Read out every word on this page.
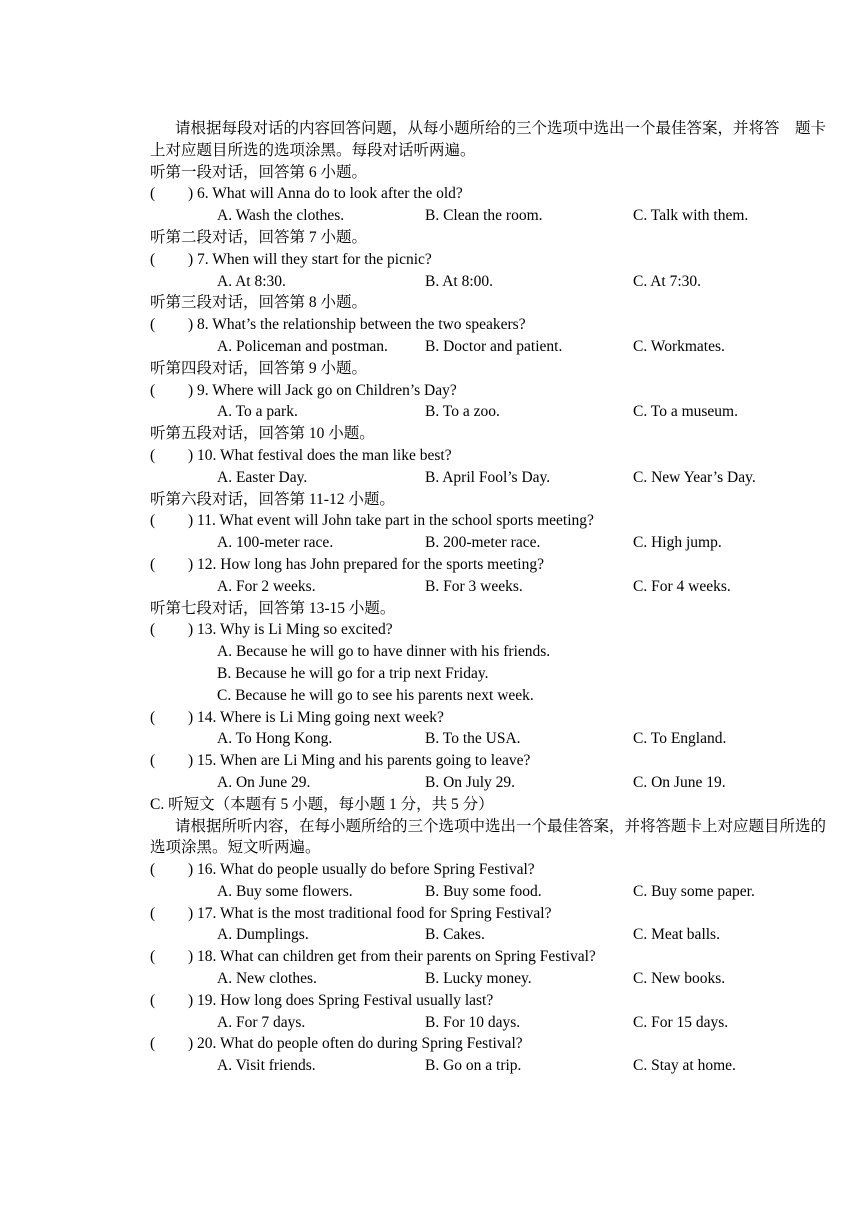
请根据每段对话的内容回答问题，从每小题所给的三个选项中选出一个最佳答案，并将答　题卡上对应题目所选的选项涂黑。每段对话听两遍。
听第一段对话，回答第 6 小题。
( ) 6. What will Anna do to look after the old?
A. Wash the clothes.	B. Clean the room.	C. Talk with them.
听第二段对话，回答第 7 小题。
( ) 7. When will they start for the picnic?
A. At 8:30.	B. At 8:00.	C. At 7:30.
听第三段对话，回答第 8 小题。
( ) 8. What’s the relationship between the two speakers?
A. Policeman and postman. B. Doctor and patient.	C. Workmates.
听第四段对话，回答第 9 小题。
( ) 9. Where will Jack go on Children’s Day?
A. To a park.	B. To a zoo.	C. To a museum.
听第五段对话，回答第 10 小题。
( ) 10. What festival does the man like best?
A. Easter Day.	B. April Fool’s Day.	C. New Year’s Day.
听第六段对话，回答第 11-12 小题。
( ) 11. What event will John take part in the school sports meeting?
A. 100-meter race.	B. 200-meter race.	C. High jump.
( ) 12. How long has John prepared for the sports meeting?
A. For 2 weeks.	B. For 3 weeks.	C. For 4 weeks.
听第七段对话，回答第 13-15 小题。
( ) 13. Why is Li Ming so excited?
A. Because he will go to have dinner with his friends.
B. Because he will go for a trip next Friday.
C. Because he will go to see his parents next week.
( ) 14. Where is Li Ming going next week?
A. To Hong Kong.	B. To the USA.	C. To England.
( ) 15. When are Li Ming and his parents going to leave?
A. On June 29.	B. On July 29.	C. On June 19.
C. 听短文（本题有 5 小题，每小题 1 分，共 5 分）
请根据所听内容，在每小题所给的三个选项中选出一个最佳答案，并将答题卡上对应题目所选的选项涂黑。短文听两遍。
( ) 16. What do people usually do before Spring Festival?
A. Buy some flowers.	B. Buy some food.	C. Buy some paper.
( ) 17. What is the most traditional food for Spring Festival?
A. Dumplings.	B. Cakes.	C. Meat balls.
( ) 18. What can children get from their parents on Spring Festival?
A. New clothes.	B. Lucky money.	C. New books.
( ) 19. How long does Spring Festival usually last?
A. For 7 days.	B. For 10 days.	C. For 15 days.
( ) 20. What do people often do during Spring Festival?
A. Visit friends.	B. Go on a trip.	C. Stay at home.
